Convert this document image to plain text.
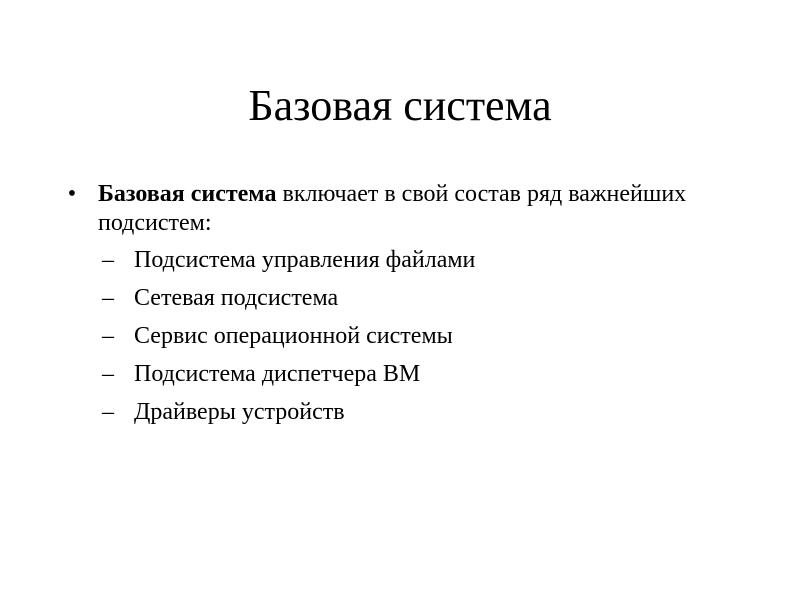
Базовая система
• Базовая система включает в свой состав ряд важнейших подсистем:
– Подсистема управления файлами
– Сетевая подсистема
– Сервис операционной системы
– Подсистема диспетчера ВМ
– Драйверы устройств
